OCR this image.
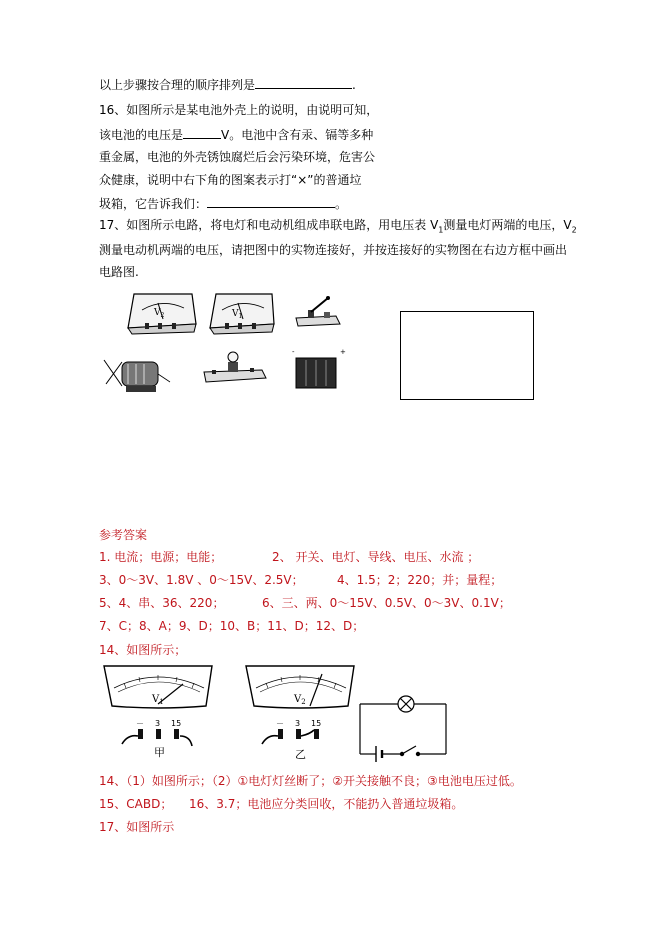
以上步骤按合理的顺序排列是	.
16、如图所示是某电池外壳上的说明，由说明可知，
该电池的电压是	V。电池中含有汞、镉等多种
重金属，电池的外壳锈蚀腐烂后会污染环境，危害公
众健康，说明中右下角的图案表示打“×”的普通垃
圾箱，它告诉我们：	。
17、如图所示电路，将电灯和电动机组成串联电路，用电压表 $V_1$测量电灯两端的电压，$V_2$
测量电动机两端的电压，请把图中的实物连接好，并按连接好的实物图在右边方框中画出
电路图.
$V_2$	$V_1$
-	+
参考答案
1. 电流；电源；电能；	2、 开关、电灯、导线、电压、水流 ；
3、0～3V、1.8V 、0～15V、2.5V；	4、1.5；2；220；并；量程；
5、4、串、36、220；	6、三、两、0～15V、0.5V、0～3V、0.1V；
7、C；8、A；9、D；10、B；11、D；12、D；
14、如图所示；
$V_1$
－ 3 15
甲
$V_2$
－ 3 15
乙
14、（1）如图所示；（2）①电灯灯丝断了；②开关接触不良；③电池电压过低。
15、CABD； 16、3.7；电池应分类回收，不能扔入普通垃圾箱。
17、如图所示
